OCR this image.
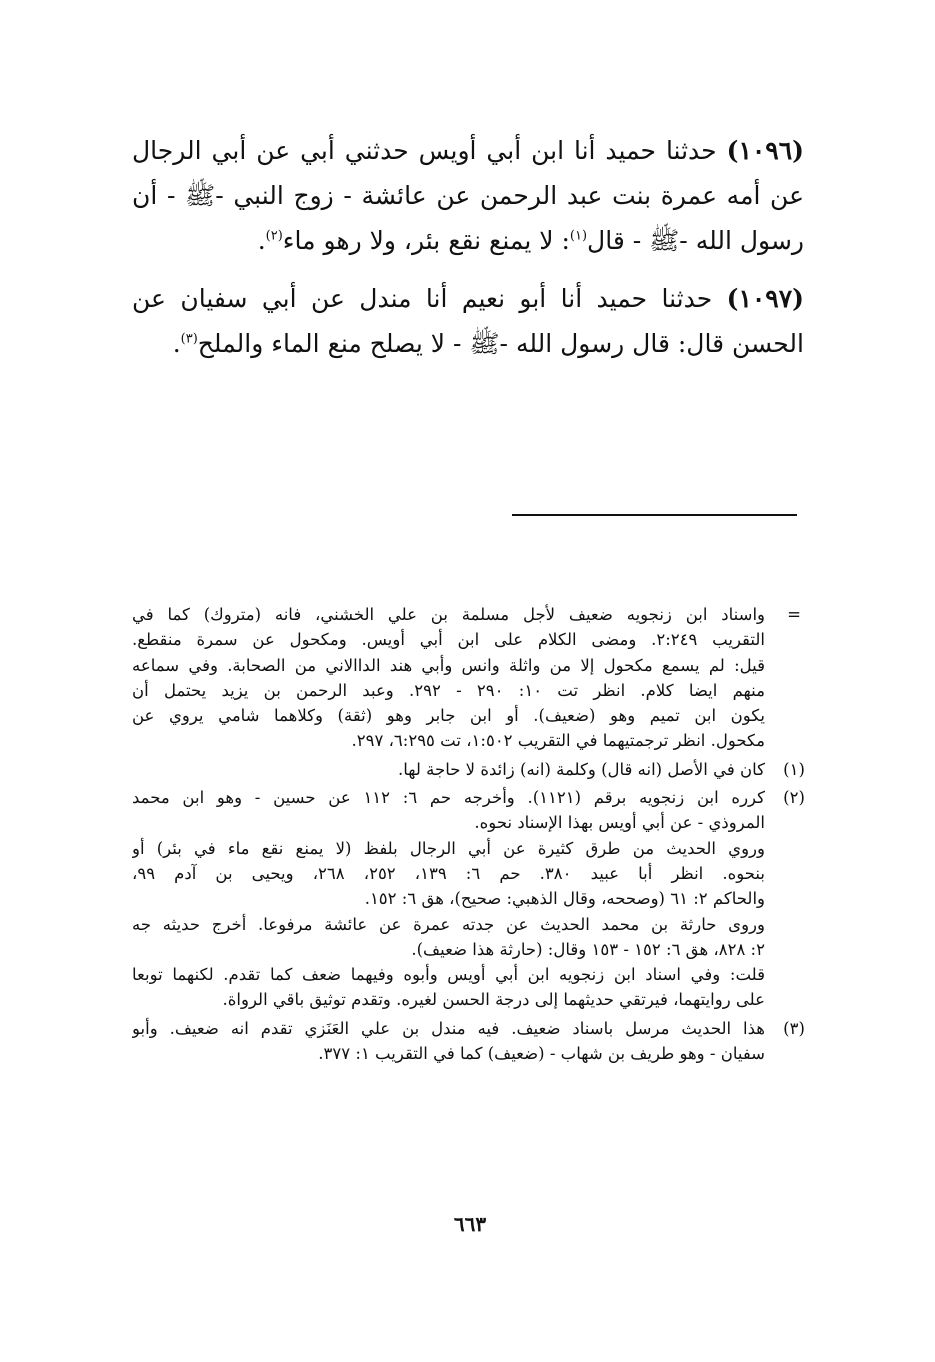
(١٠٩٦) حدثنا حميد أنا ابن أبي أويس حدثني أبي عن أبي الرجال
عن أمه عمرة بنت عبد الرحمن عن عائشة - زوج النبي -ﷺ - أن
رسول الله -ﷺ - قال$^{(١)}$: لا يمنع نقع بئر، ولا رهو ماء$^{(٢)}$.
(١٠٩٧) حدثنا حميد أنا أبو نعيم أنا مندل عن أبي سفيان عن
الحسن قال: قال رسول الله -ﷺ - لا يصلح منع الماء والملح$^{(٣)}$.
=
واسناد ابن زنجويه ضعيف لأجل مسلمة بن علي الخشني، فانه (متروك) كما في
التقريب ٢:٢٤٩. ومضى الكلام على ابن أبي أويس. ومكحول عن سمرة منقطع.
قيل: لم يسمع مكحول إلا من واثلة وانس وأبي هند الداالاني من الصحابة. وفي سماعه
منهم ايضا كلام. انظر تت ١٠: ٢٩٠ - ٢٩٢. وعبد الرحمن بن يزيد يحتمل أن
يكون ابن تميم وهو (ضعيف). أو ابن جابر وهو (ثقة) وكلاهما شامي يروي عن
مكحول. انظر ترجمتيهما في التقريب ١:٥٠٢، تت ٦:٢٩٥، ٢٩٧.
(١)
كان في الأصل (انه قال) وكلمة (انه) زائدة لا حاجة لها.
(٢)
كرره ابن زنجويه برقم (١١٢١). وأخرجه حم ٦: ١١٢ عن حسين - وهو ابن محمد
المروذي - عن أبي أويس بهذا الإسناد نحوه.
وروي الحديث من طرق كثيرة عن أبي الرجال بلفظ (لا يمنع نقع ماء في بئر) أو
بنحوه. انظر أبا عبيد ٣٨٠. حم ٦: ١٣٩، ٢٥٢، ٢٦٨، ويحيى بن آدم ٩٩،
والحاكم ٢: ٦١ (وصححه، وقال الذهبي: صحيح)، هق ٦: ١٥٢.
وروى حارثة بن محمد الحديث عن جدته عمرة عن عائشة مرفوعا. أخرج حديثه جه
٢: ٨٢٨، هق ٦: ١٥٢ - ١٥٣ وقال: (حارثة هذا ضعيف).
قلت: وفي اسناد ابن زنجويه ابن أبي أويس وأبوه وفيهما ضعف كما تقدم. لكنهما توبعا
على روايتهما، فيرتقي حديثهما إلى درجة الحسن لغيره. وتقدم توثيق باقي الرواة.
(٣)
هذا الحديث مرسل باسناد ضعيف. فيه مندل بن علي العَنَزي تقدم انه ضعيف. وأبو
سفيان - وهو طريف بن شهاب - (ضعيف) كما في التقريب ١: ٣٧٧.
٦٦٣
